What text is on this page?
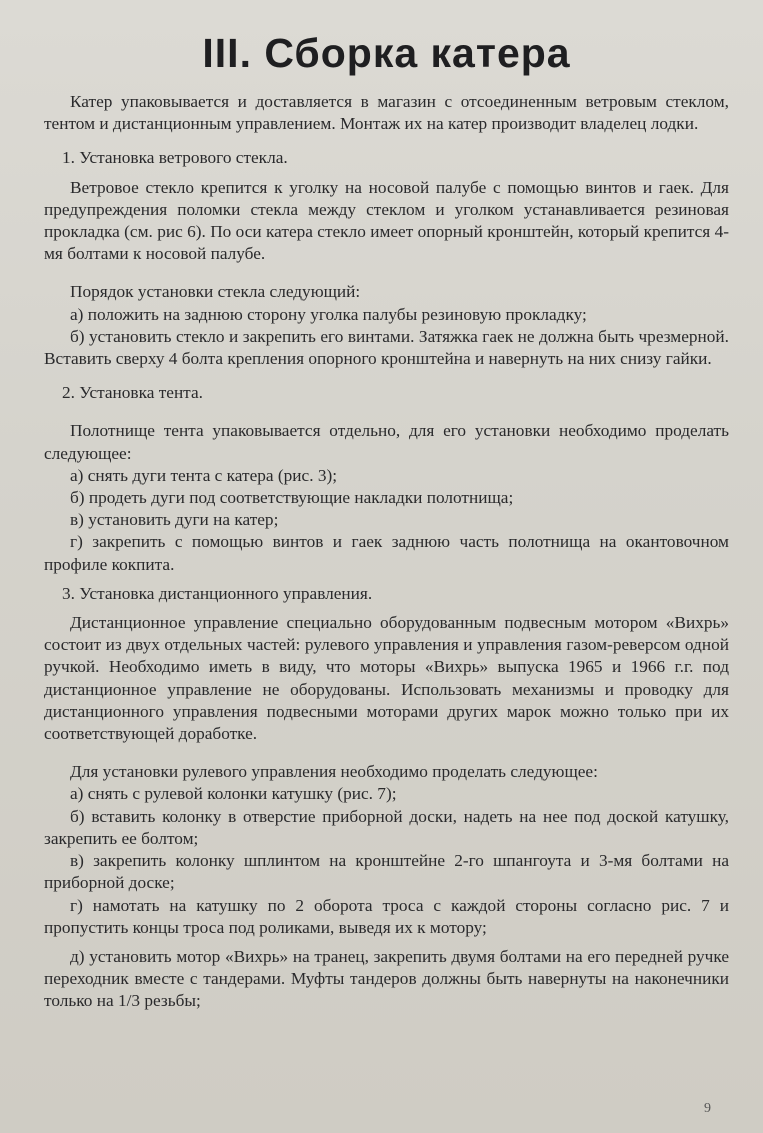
III. Сборка катера

Катер упаковывается и доставляется в магазин с отсоединенным ветровым стеклом, тентом и дистанционным управлением. Монтаж их на катер производит владелец лодки.

1. Установка ветрового стекла.

Ветровое стекло крепится к уголку на носовой палубе с помощью винтов и гаек. Для предупреждения поломки стекла между стеклом и уголком устанавливается резиновая прокладка (см. рис 6). По оси катера стекло имеет опорный кронштейн, который крепится 4-мя болтами к носовой палубе.

Порядок установки стекла следующий:

а) положить на заднюю сторону уголка палубы резиновую прокладку;

б) установить стекло и закрепить его винтами. Затяжка гаек не должна быть чрезмерной. Вставить сверху 4 болта крепления опорного кронштейна и навернуть на них снизу гайки.

2. Установка тента.

Полотнище тента упаковывается отдельно, для его установки необходимо проделать следующее:

а) снять дуги тента с катера (рис. 3);

б) продеть дуги под соответствующие накладки полотнища;

в) установить дуги на катер;

г) закрепить с помощью винтов и гаек заднюю часть полотнища на окантовочном профиле кокпита.

3. Установка дистанционного управления.

Дистанционное управление специально оборудованным подвесным мотором «Вихрь» состоит из двух отдельных частей: рулевого управления и управления газом-реверсом одной ручкой. Необходимо иметь в виду, что моторы «Вихрь» выпуска 1965 и 1966 г.г. под дистанционное управление не оборудованы. Использовать механизмы и проводку для дистанционного управления подвесными моторами других марок можно только при их соответствующей доработке.

Для установки рулевого управления необходимо проделать следующее:

а) снять с рулевой колонки катушку (рис. 7);

б) вставить колонку в отверстие приборной доски, надеть на нее под доской катушку, закрепить ее болтом;

в) закрепить колонку шплинтом на кронштейне 2-го шпангоута и 3-мя болтами на приборной доске;

г) намотать на катушку по 2 оборота троса с каждой стороны согласно рис. 7 и пропустить концы троса под роликами, выведя их к мотору;

д) установить мотор «Вихрь» на транец, закрепить двумя болтами на его передней ручке переходник вместе с тандерами. Муфты тандеров должны быть навернуты на наконечники только на 1/3 резьбы;

9
